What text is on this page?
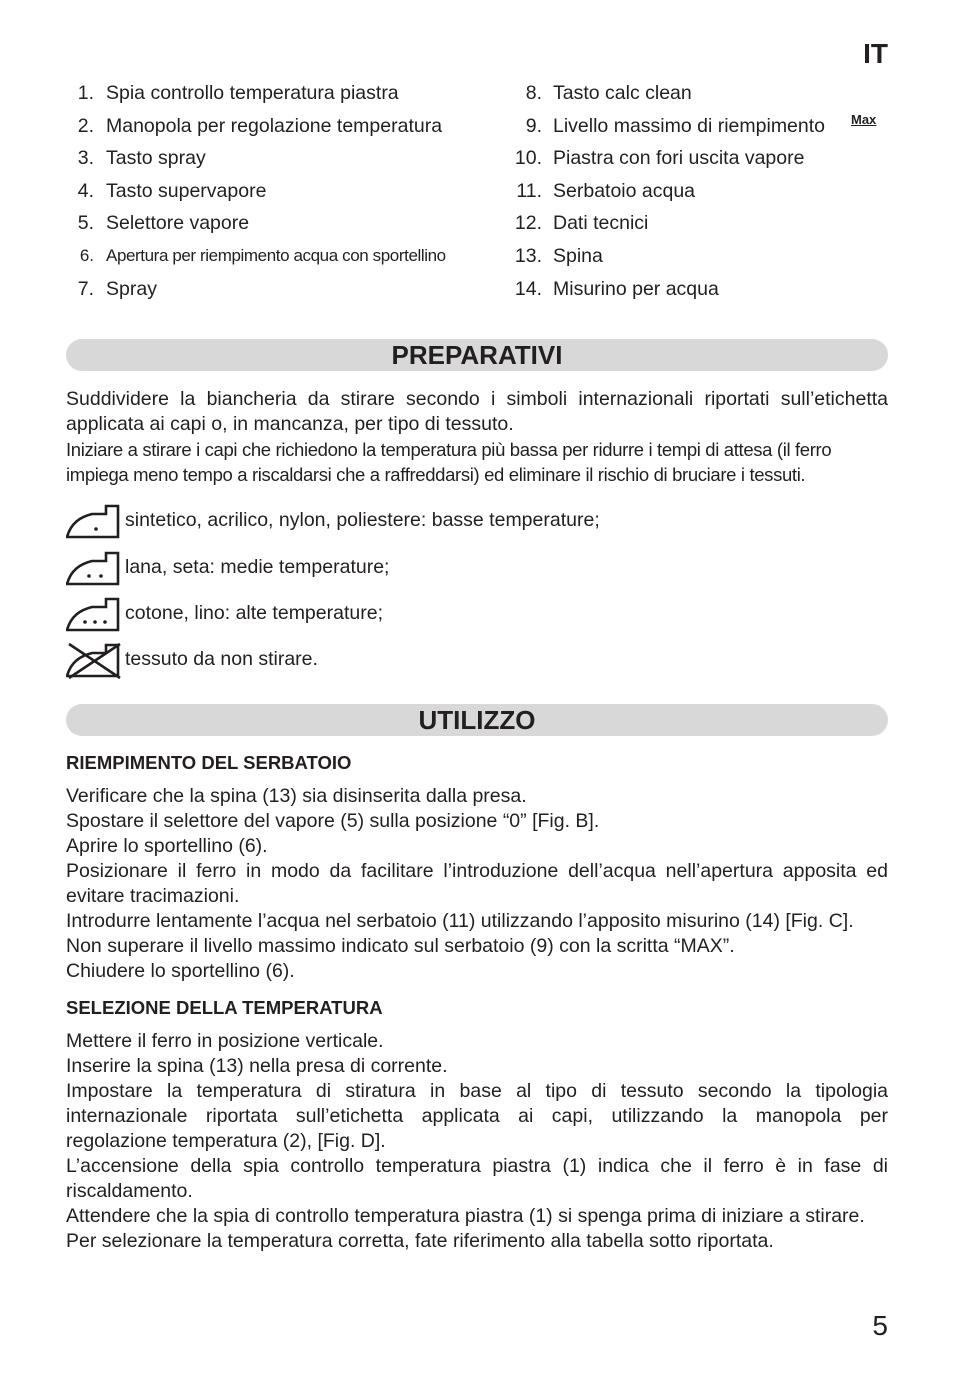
IT
1. Spia controllo temperatura piastra
2. Manopola per regolazione temperatura
3. Tasto spray
4. Tasto supervapore
5. Selettore vapore
6. Apertura per riempimento acqua con sportellino
7. Spray
8. Tasto calc clean
9. Livello massimo di riempimento Max
10. Piastra con fori uscita vapore
11. Serbatoio acqua
12. Dati tecnici
13. Spina
14. Misurino per acqua
PREPARATIVI

Suddividere la biancheria da stirare secondo i simboli internazionali riportati sull’etichetta

applicata ai capi o, in mancanza, per tipo di tessuto.

Iniziare a stirare i capi che richiedono la temperatura più bassa per ridurre i tempi di attesa (il ferro

impiega meno tempo a riscaldarsi che a raffreddarsi) ed eliminare il rischio di bruciare i tessuti.

sintetico, acrilico, nylon, poliestere: basse temperature;
lana, seta: medie temperature;
cotone, lino: alte temperature;
tessuto da non stirare.
UTILIZZO
RIEMPIMENTO DEL SERBATOIO

Verificare che la spina (13) sia disinserita dalla presa.

Spostare il selettore del vapore (5) sulla posizione “0” [Fig. B].

Aprire lo sportellino (6).

Posizionare il ferro in modo da facilitare l’introduzione dell’acqua nell’apertura apposita ed

evitare tracimazioni.

Introdurre lentamente l’acqua nel serbatoio (11) utilizzando l’apposito misurino (14) [Fig. C].

Non superare il livello massimo indicato sul serbatoio (9) con la scritta “MAX”.

Chiudere lo sportellino (6).

SELEZIONE DELLA TEMPERATURA

Mettere il ferro in posizione verticale.

Inserire la spina (13) nella presa di corrente.

Impostare la temperatura di stiratura in base al tipo di tessuto secondo la tipologia

internazionale riportata sull’etichetta applicata ai capi, utilizzando la manopola per

regolazione temperatura (2), [Fig. D].

L’accensione della spia controllo temperatura piastra (1) indica che il ferro è in fase di

riscaldamento.

Attendere che la spia di controllo temperatura piastra (1) si spenga prima di iniziare a stirare.

Per selezionare la temperatura corretta, fate riferimento alla tabella sotto riportata.

5
